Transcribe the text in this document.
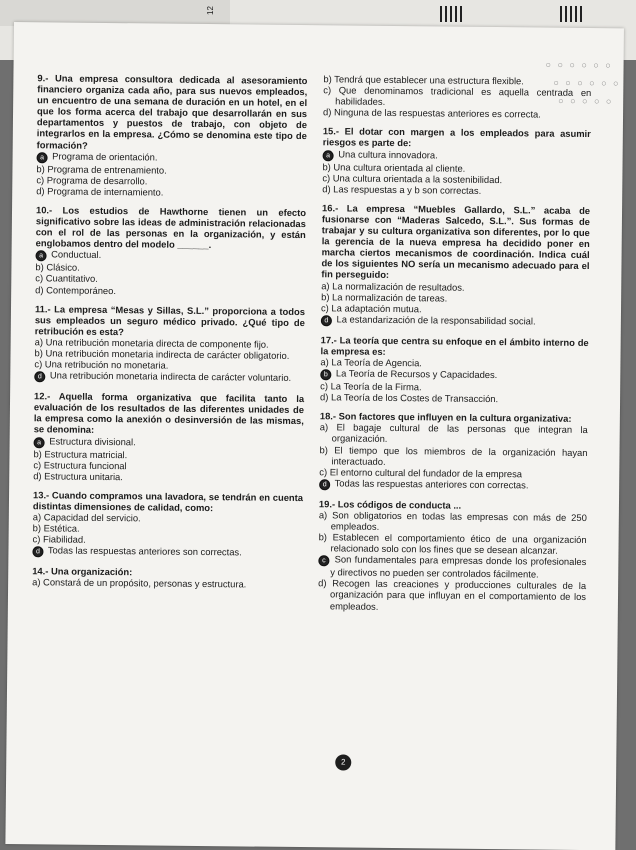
12
○ ○ ○ ○ ○ ○
○ ○ ○ ○ ○ ○
○ ○ ○ ○ ○

9.- Una empresa consultora dedicada al asesoramiento financiero organiza cada año, para sus nuevos empleados, un encuentro de una semana de duración en un hotel, en el que los forma acerca del trabajo que desarrollarán en sus departamentos y puestos de trabajo, con objeto de integrarlos en la empresa. ¿Cómo se denomina este tipo de formación?

a Programa de orientación.

b) Programa de entrenamiento.

c) Programa de desarrollo.

d) Programa de internamiento.

10.- Los estudios de Hawthorne tienen un efecto significativo sobre las ideas de administración relacionadas con el rol de las personas en la organización, y están englobamos dentro del modelo ______.

a Conductual.

b) Clásico.

c) Cuantitativo.

d) Contemporáneo.

11.- La empresa “Mesas y Sillas, S.L.” proporciona a todos sus empleados un seguro médico privado. ¿Qué tipo de retribución es esta?

a) Una retribución monetaria directa de componente fijo.

b) Una retribución monetaria indirecta de carácter obligatorio.

c) Una retribución no monetaria.

d Una retribución monetaria indirecta de carácter voluntario.

12.- Aquella forma organizativa que facilita tanto la evaluación de los resultados de las diferentes unidades de la empresa como la anexión o desinversión de las mismas, se denomina:

a Estructura divisional.

b) Estructura matricial.

c) Estructura funcional

d) Estructura unitaria.

13.- Cuando compramos una lavadora, se tendrán en cuenta distintas dimensiones de calidad, como:

a) Capacidad del servicio.

b) Estética.

c) Fiabilidad.

d Todas las respuestas anteriores son correctas.

14.- Una organización:

a) Constará de un propósito, personas y estructura.

b) Tendrá que establecer una estructura flexible.

c) Que denominamos tradicional es aquella centrada en habilidades.

d) Ninguna de las respuestas anteriores es correcta.

15.- El dotar con margen a los empleados para asumir riesgos es parte de:

a Una cultura innovadora.

b) Una cultura orientada al cliente.

c) Una cultura orientada a la sostenibilidad.

d) Las respuestas a y b son correctas.

16.- La empresa “Muebles Gallardo, S.L.” acaba de fusionarse con “Maderas Salcedo, S.L.”. Sus formas de trabajar y su cultura organizativa son diferentes, por lo que la gerencia de la nueva empresa ha decidido poner en marcha ciertos mecanismos de coordinación. Indica cuál de los siguientes NO sería un mecanismo adecuado para el fin perseguido:

a) La normalización de resultados.

b) La normalización de tareas.

c) La adaptación mutua.

d La estandarización de la responsabilidad social.

17.- La teoría que centra su enfoque en el ámbito interno de la empresa es:

a) La Teoría de Agencia.

b La Teoría de Recursos y Capacidades.

c) La Teoría de la Firma.

d) La Teoría de los Costes de Transacción.

18.- Son factores que influyen en la cultura organizativa:

a) El bagaje cultural de las personas que integran la organización.

b) El tiempo que los miembros de la organización hayan interactuado.

c) El entorno cultural del fundador de la empresa

d Todas las respuestas anteriores con correctas.

19.- Los códigos de conducta ...

a) Son obligatorios en todas las empresas con más de 250 empleados.

b) Establecen el comportamiento ético de una organización relacionado solo con los fines que se desean alcanzar.

c Son fundamentales para empresas donde los profesionales y directivos no pueden ser controlados fácilmente.

d) Recogen las creaciones y producciones culturales de la organización para que influyan en el comportamiento de los empleados.

2
